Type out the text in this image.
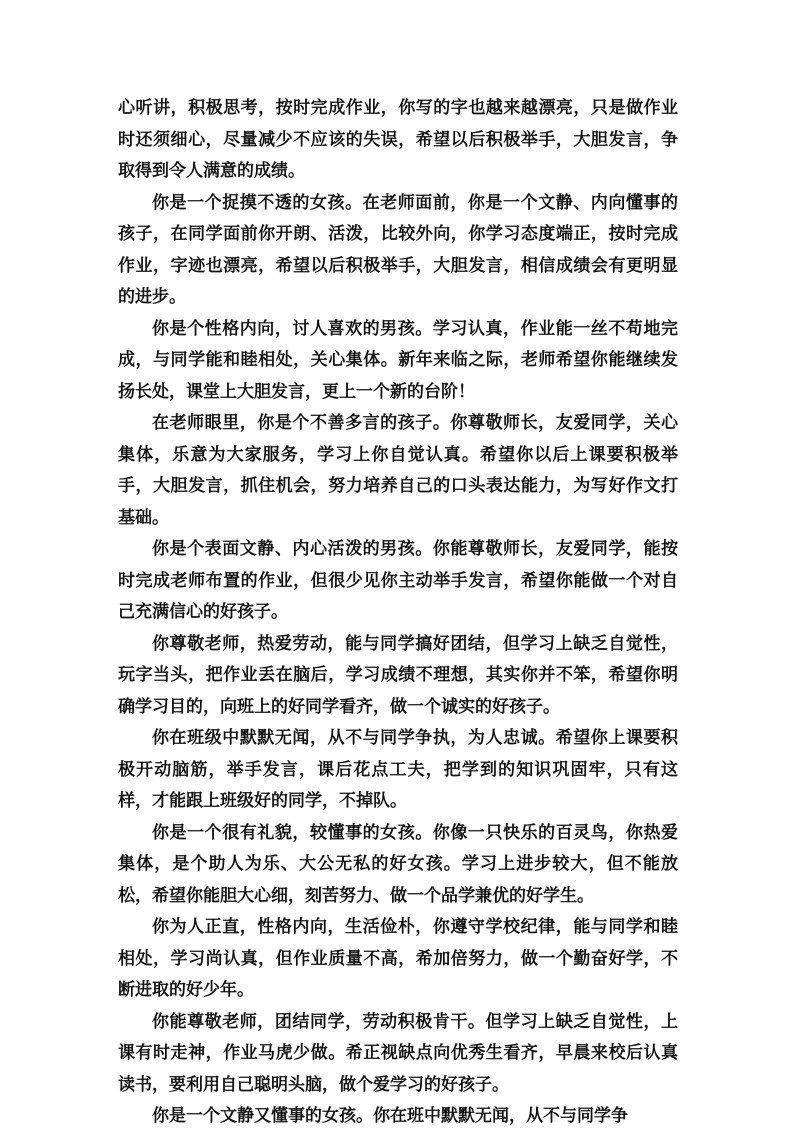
心听讲，积极思考，按时完成作业，你写的字也越来越漂亮，只是做作业时还须细心，尽量减少不应该的失误，希望以后积极举手，大胆发言，争取得到令人满意的成绩。

你是一个捉摸不透的女孩。在老师面前，你是一个文静、内向懂事的孩子，在同学面前你开朗、活泼，比较外向，你学习态度端正，按时完成作业，字迹也漂亮，希望以后积极举手，大胆发言，相信成绩会有更明显的进步。

你是个性格内向，讨人喜欢的男孩。学习认真，作业能一丝不苟地完成，与同学能和睦相处，关心集体。新年来临之际，老师希望你能继续发扬长处，课堂上大胆发言，更上一个新的台阶！

在老师眼里，你是个不善多言的孩子。你尊敬师长，友爱同学，关心集体，乐意为大家服务，学习上你自觉认真。希望你以后上课要积极举手，大胆发言，抓住机会，努力培养自己的口头表达能力，为写好作文打基础。

你是个表面文静、内心活泼的男孩。你能尊敬师长，友爱同学，能按时完成老师布置的作业，但很少见你主动举手发言，希望你能做一个对自己充满信心的好孩子。

你尊敬老师，热爱劳动，能与同学搞好团结，但学习上缺乏自觉性，玩字当头，把作业丢在脑后，学习成绩不理想，其实你并不笨，希望你明确学习目的，向班上的好同学看齐，做一个诚实的好孩子。

你在班级中默默无闻，从不与同学争执，为人忠诚。希望你上课要积极开动脑筋，举手发言，课后花点工夫，把学到的知识巩固牢，只有这样，才能跟上班级好的同学，不掉队。

你是一个很有礼貌，较懂事的女孩。你像一只快乐的百灵鸟，你热爱集体，是个助人为乐、大公无私的好女孩。学习上进步较大，但不能放松，希望你能胆大心细，刻苦努力、做一个品学兼优的好学生。

你为人正直，性格内向，生活俭朴，你遵守学校纪律，能与同学和睦相处，学习尚认真，但作业质量不高，希加倍努力，做一个勤奋好学，不断进取的好少年。

你能尊敬老师，团结同学，劳动积极肯干。但学习上缺乏自觉性，上课有时走神，作业马虎少做。希正视缺点向优秀生看齐，早晨来校后认真读书，要利用自己聪明头脑，做个爱学习的好孩子。

你是一个文静又懂事的女孩。你在班中默默无闻，从不与同学争
